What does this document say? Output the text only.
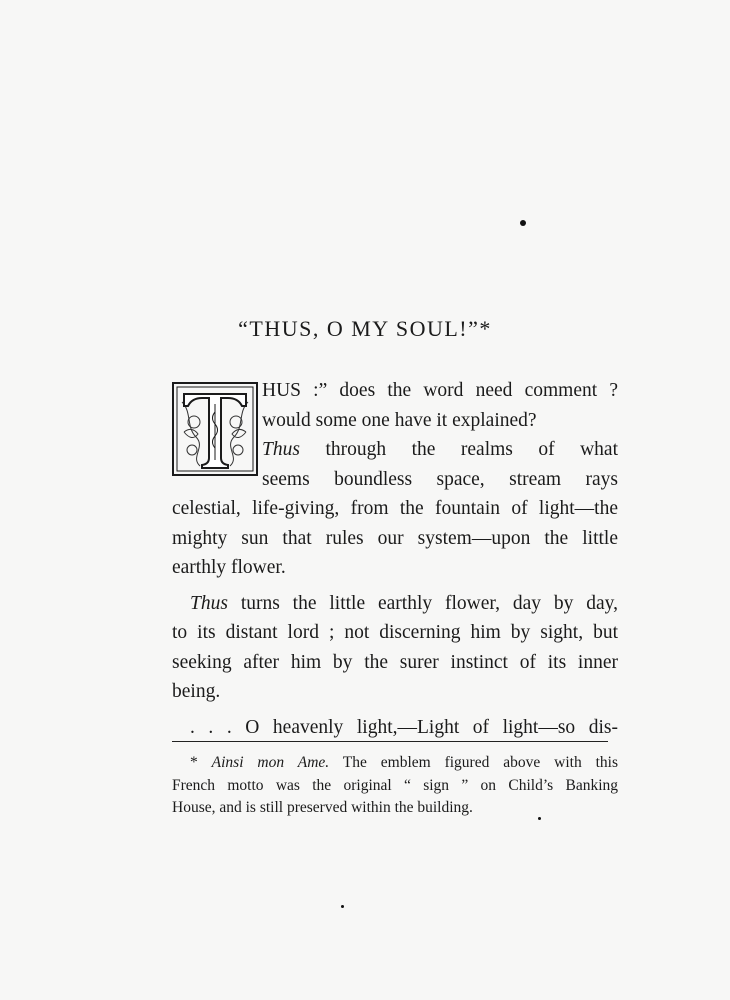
“THUS, O MY SOUL!”*
HUS :” does the word need comment ?
would some one have it explained?
Thus through the realms of what
seems boundless space, stream rays
celestial, life-giving, from the fountain of light—the
mighty sun that rules our system—upon the little
earthly flower.
Thus turns the little earthly flower, day by day,
to its distant lord ; not discerning him by sight, but
seeking after him by the surer instinct of its inner
being.
. . . O heavenly light,—Light of light—so dis-
* Ainsi mon Ame. The emblem figured above with this
French motto was the original “ sign ” on Child’s Banking
House, and is still preserved within the building.
